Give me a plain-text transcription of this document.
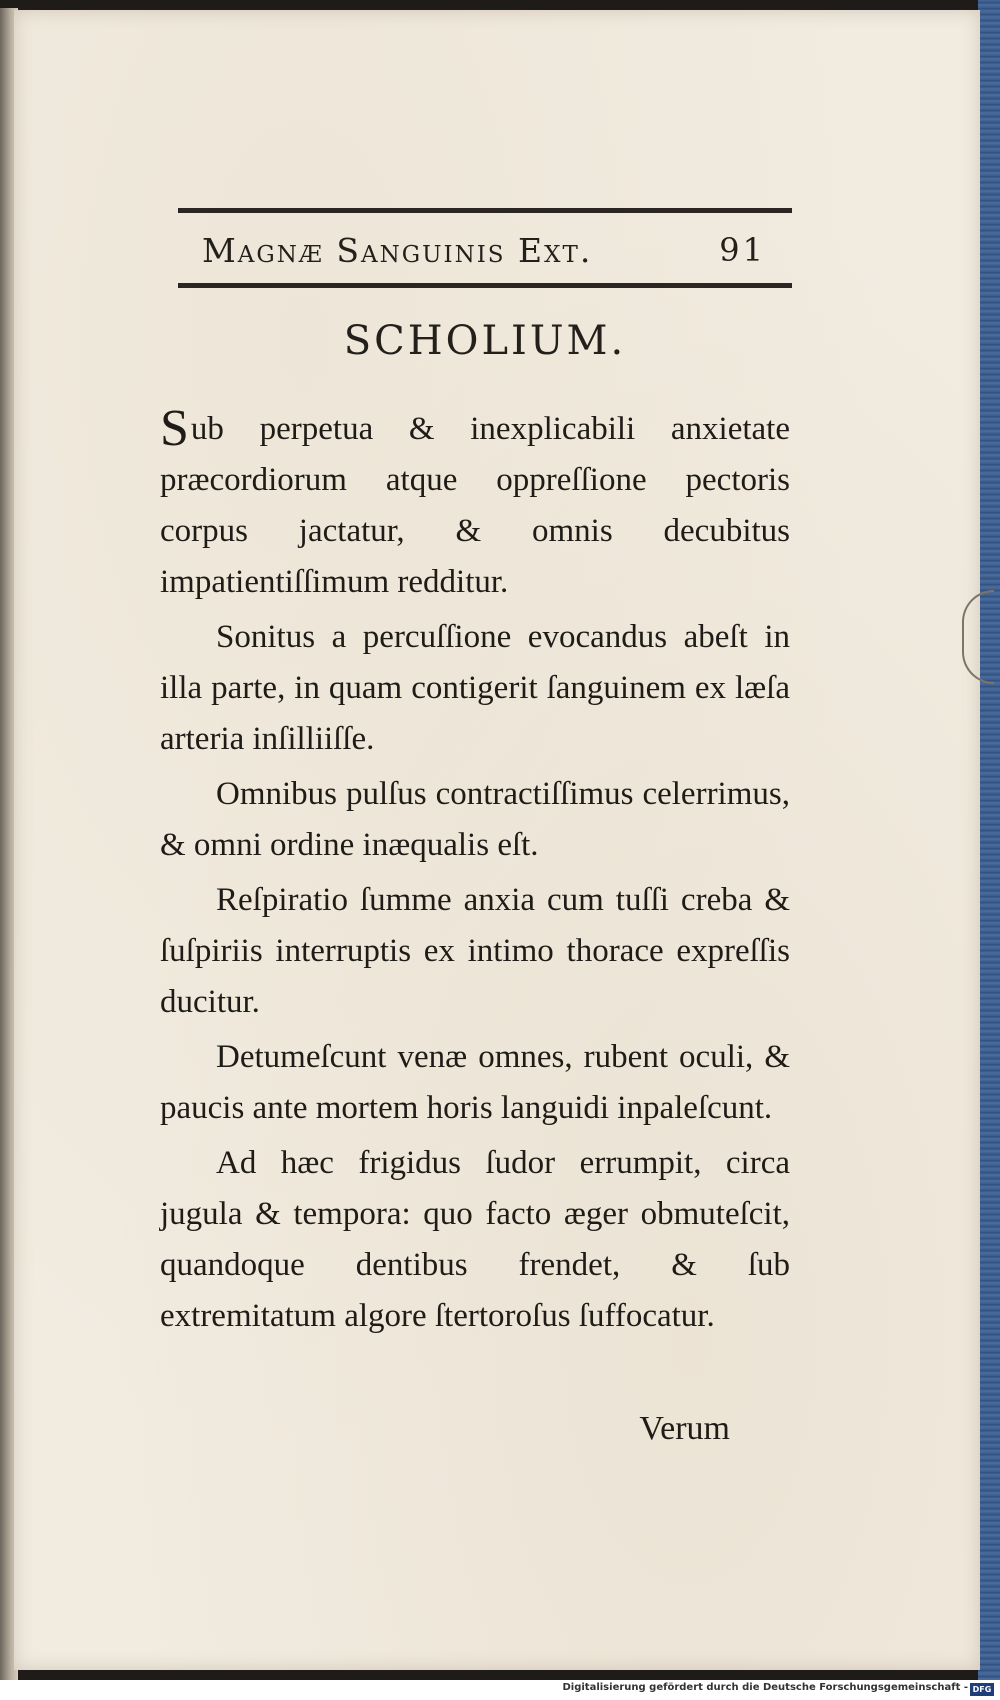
Magnæ Sanguinis Ext.	91
SCHOLIUM.

Sub perpetua & inexplicabili anxietate præcordiorum atque oppreſſione pectoris corpus jactatur, & omnis decubitus impatientiſſimum redditur.

Sonitus a percuſſione evocandus abeſt in illa parte, in quam contigerit ſanguinem ex læſa arteria inſilliiſſe.

Omnibus pulſus contractiſſimus celerrimus, & omni ordine inæqualis eſt.

Reſpiratio ſumme anxia cum tuſſi creba & ſuſpiriis interruptis ex intimo thorace expreſſis ducitur.

Detumeſcunt venæ omnes, rubent oculi, & paucis ante mortem horis languidi inpaleſcunt.

Ad hæc frigidus ſudor errumpit, circa jugula & tempora: quo facto æger obmuteſcit, quandoque dentibus frendet, & ſub extremitatum algore ſtertoroſus ſuffocatur.

Verum
Digitalisierung gefördert durch die Deutsche Forschungsgemeinschaft - DFG
